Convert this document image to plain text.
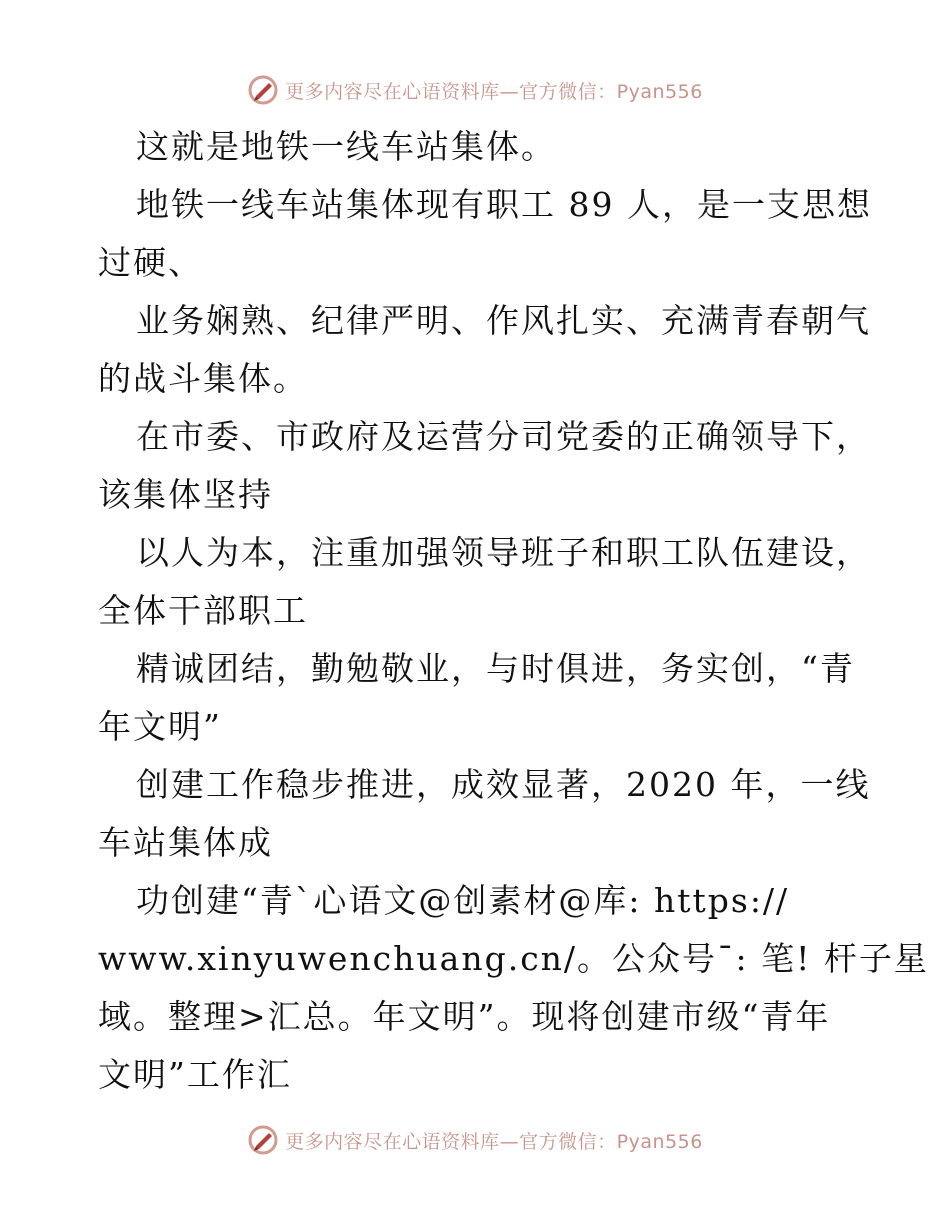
更多内容尽在心语资料库—官方微信：Pyan556

这就是地铁一线车站集体。

地铁一线车站集体现有职工 89 人，是一支思想
过硬、

业务娴熟、纪律严明、作风扎实、充满青春朝气
的战斗集体。

在市委、市政府及运营分司党委的正确领导下，
该集体坚持

以人为本，注重加强领导班子和职工队伍建设，
全体干部职工

精诚团结，勤勉敬业，与时俱进，务实创，“青
年文明”

创建工作稳步推进，成效显著，2020 年，一线
车站集体成

功创建“青`心语文@创素材@库: https://
www.xinyuwenchuang.cn/。公众号¯: 笔! 杆子星
域。整理>汇总。年文明”。现将创建市级“青年
文明”工作汇

更多内容尽在心语资料库—官方微信：Pyan556
